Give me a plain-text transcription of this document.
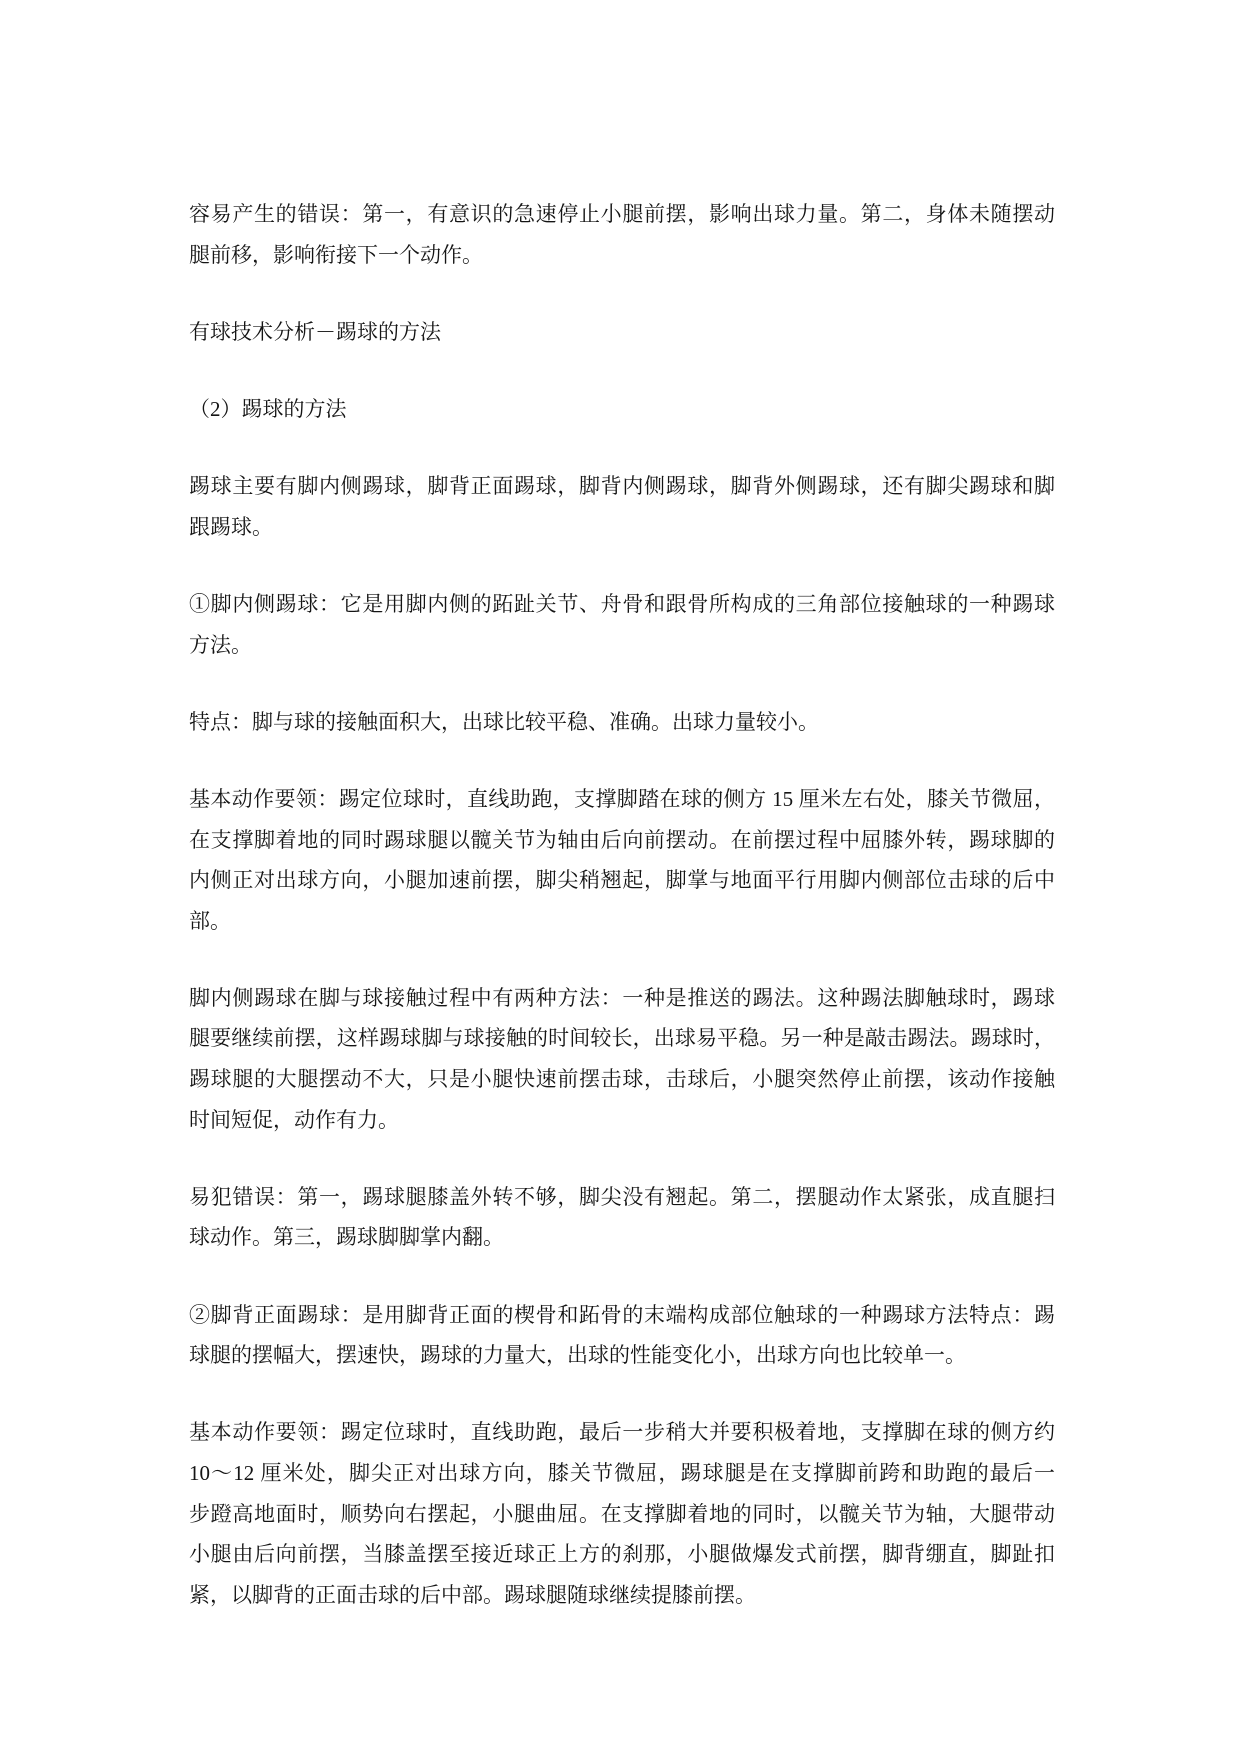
容易产生的错误：第一，有意识的急速停止小腿前摆，影响出球力量。第二，身体未随摆动
腿前移，影响衔接下一个动作。
有球技术分析－踢球的方法
（2）踢球的方法
踢球主要有脚内侧踢球，脚背正面踢球，脚背内侧踢球，脚背外侧踢球，还有脚尖踢球和脚
跟踢球。
①脚内侧踢球：它是用脚内侧的跖趾关节、舟骨和跟骨所构成的三角部位接触球的一种踢球
方法。
特点：脚与球的接触面积大，出球比较平稳、准确。出球力量较小。
基本动作要领：踢定位球时，直线助跑，支撑脚踏在球的侧方 15 厘米左右处，膝关节微屈，
在支撑脚着地的同时踢球腿以髋关节为轴由后向前摆动。在前摆过程中屈膝外转，踢球脚的
内侧正对出球方向，小腿加速前摆，脚尖稍翘起，脚掌与地面平行用脚内侧部位击球的后中
部。
脚内侧踢球在脚与球接触过程中有两种方法：一种是推送的踢法。这种踢法脚触球时，踢球
腿要继续前摆，这样踢球脚与球接触的时间较长，出球易平稳。另一种是敲击踢法。踢球时，
踢球腿的大腿摆动不大，只是小腿快速前摆击球，击球后，小腿突然停止前摆，该动作接触
时间短促，动作有力。
易犯错误：第一，踢球腿膝盖外转不够，脚尖没有翘起。第二，摆腿动作太紧张，成直腿扫
球动作。第三，踢球脚脚掌内翻。
②脚背正面踢球：是用脚背正面的楔骨和跖骨的末端构成部位触球的一种踢球方法特点：踢
球腿的摆幅大，摆速快，踢球的力量大，出球的性能变化小，出球方向也比较单一。
基本动作要领：踢定位球时，直线助跑，最后一步稍大并要积极着地，支撑脚在球的侧方约
10～12 厘米处，脚尖正对出球方向，膝关节微屈，踢球腿是在支撑脚前跨和助跑的最后一
步蹬高地面时，顺势向右摆起，小腿曲屈。在支撑脚着地的同时，以髋关节为轴，大腿带动
小腿由后向前摆，当膝盖摆至接近球正上方的刹那，小腿做爆发式前摆，脚背绷直，脚趾扣
紧，以脚背的正面击球的后中部。踢球腿随球继续提膝前摆。
